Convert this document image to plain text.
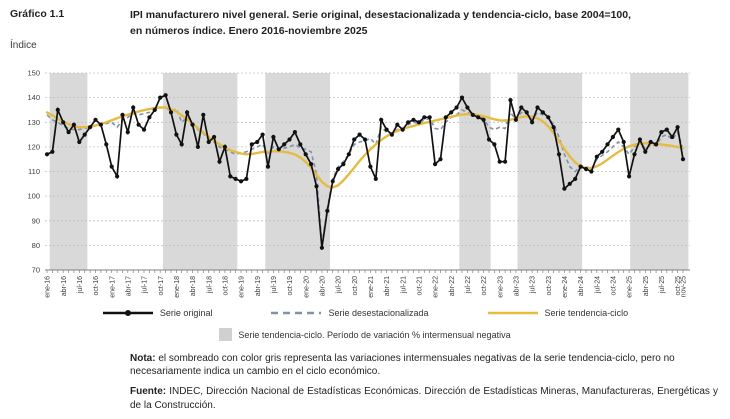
Gráfico 1.1	IPI manufacturero nivel general. Serie original, desestacionalizada y tendencia-ciclo, base 2004=100,
en números índice. Enero 2016-noviembre 2025
Índice
70
80
90
100
110
120
130
140
150
ene-16 abr-16 jul-16 oct-16 ene-17 abr-17 jul-17 oct-17 ene-18 abr-18 jul-18 oct-18 ene-19 abr-19 jul-19 oct-19 ene-20 abr-20 jul-20 oct-20 ene-21 abr-21 jul-21 oct-21 ene-22 abr-22 jul-22 oct-22 ene-23 abr-23 jul-23 oct-23 ene-24 abr-24 jul-24 oct-24 ene-25 abr-25 jul-25 oct-25
nov-25
Serie original	Serie desestacionalizada	Serie tendencia-ciclo
Serie tendencia-ciclo. Período de variación % intermensual negativa

Nota: el sombreado con color gris representa las variaciones intermensuales negativas de la serie tendencia-ciclo, pero no necesariamente indica un cambio en el ciclo económico.

Fuente: INDEC, Dirección Nacional de Estadísticas Económicas. Dirección de Estadísticas Mineras, Manufactureras, Energéticas y de la Construcción.
